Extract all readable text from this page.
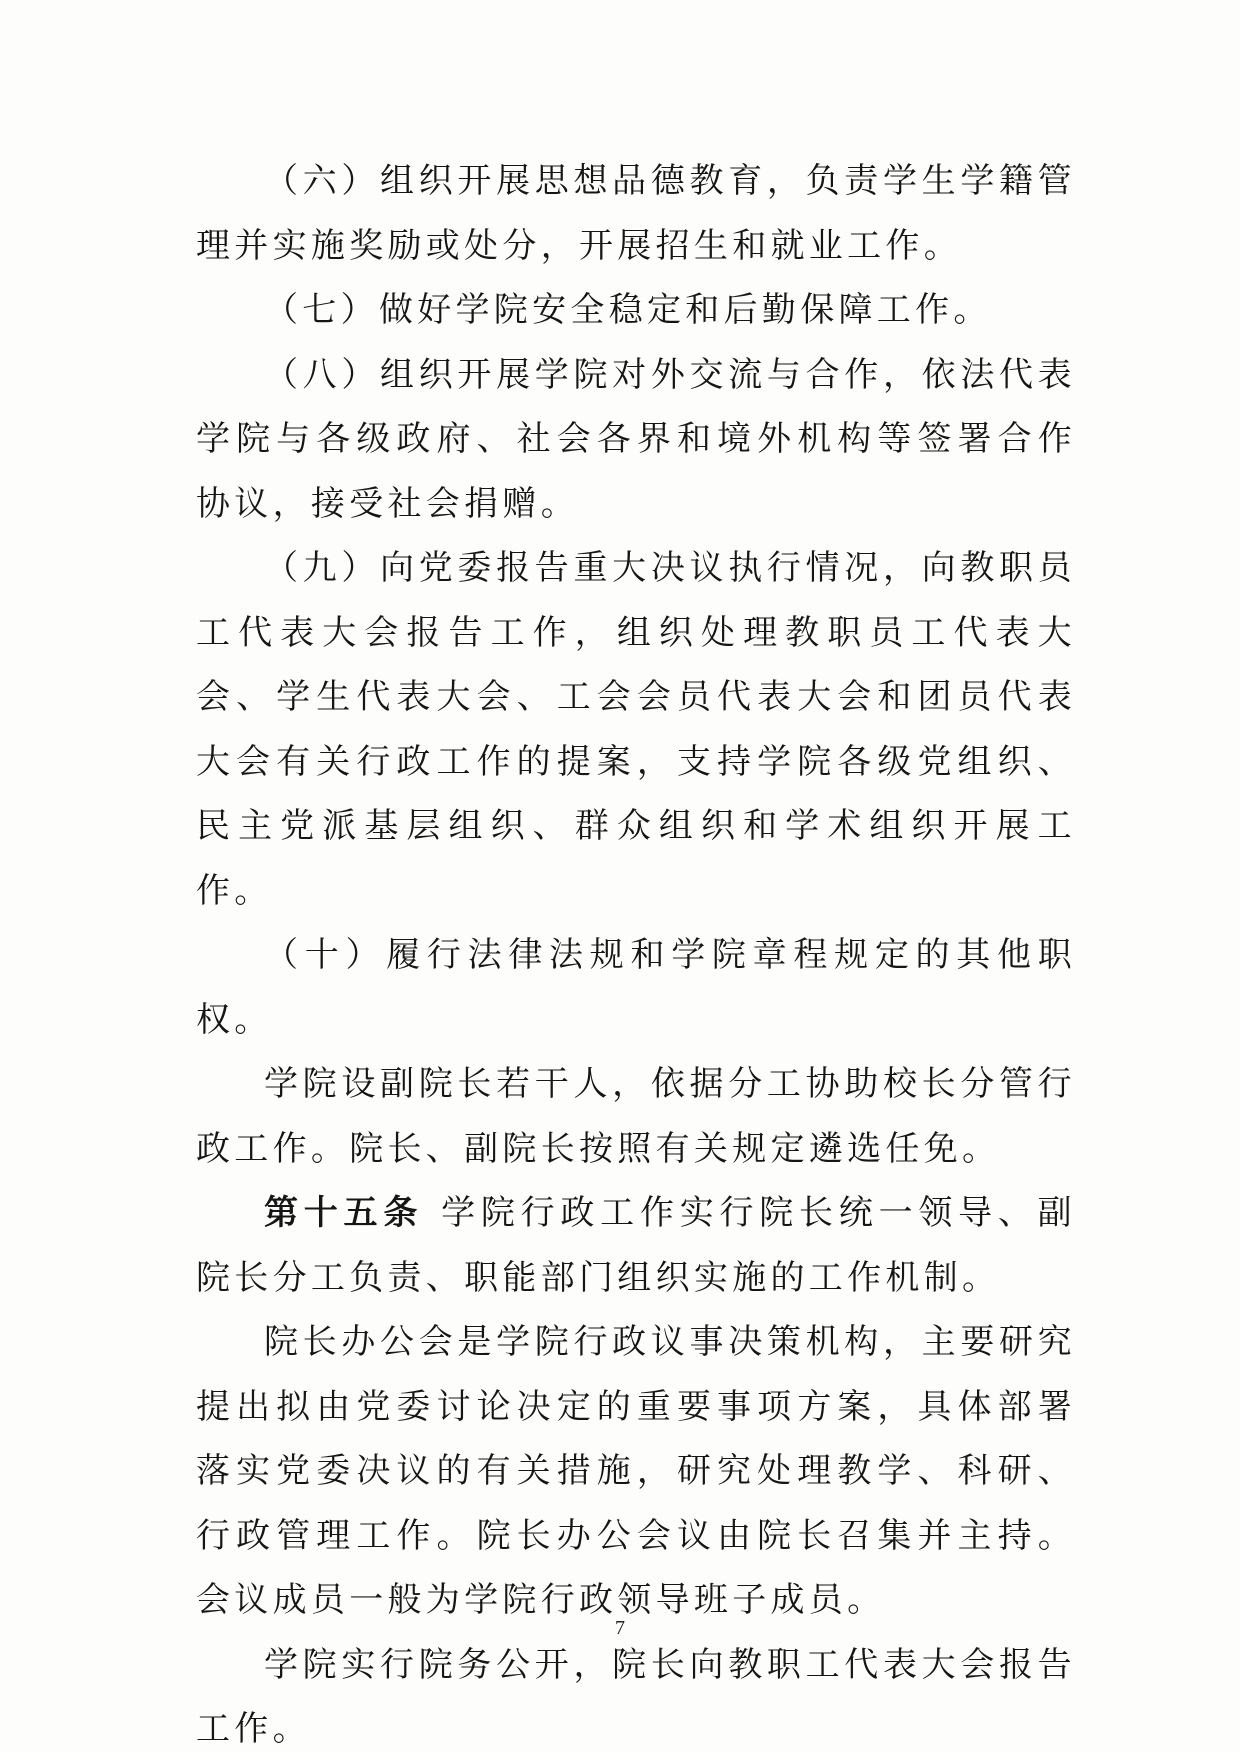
（六）组织开展思想品德教育，负责学生学籍管理并实施奖励或处分，开展招生和就业工作。

（七）做好学院安全稳定和后勤保障工作。

（八）组织开展学院对外交流与合作，依法代表学院与各级政府、社会各界和境外机构等签署合作协议，接受社会捐赠。

（九）向党委报告重大决议执行情况，向教职员工代表大会报告工作，组织处理教职员工代表大会、学生代表大会、工会会员代表大会和团员代表大会有关行政工作的提案，支持学院各级党组织、民主党派基层组织、群众组织和学术组织开展工作。

（十）履行法律法规和学院章程规定的其他职权。

学院设副院长若干人，依据分工协助校长分管行政工作。院长、副院长按照有关规定遴选任免。

第十五条 学院行政工作实行院长统一领导、副院长分工负责、职能部门组织实施的工作机制。

院长办公会是学院行政议事决策机构，主要研究提出拟由党委讨论决定的重要事项方案，具体部署落实党委决议的有关措施，研究处理教学、科研、行政管理工作。院长办公会议由院长召集并主持。会议成员一般为学院行政领导班子成员。

学院实行院务公开，院长向教职工代表大会报告工作。

7
